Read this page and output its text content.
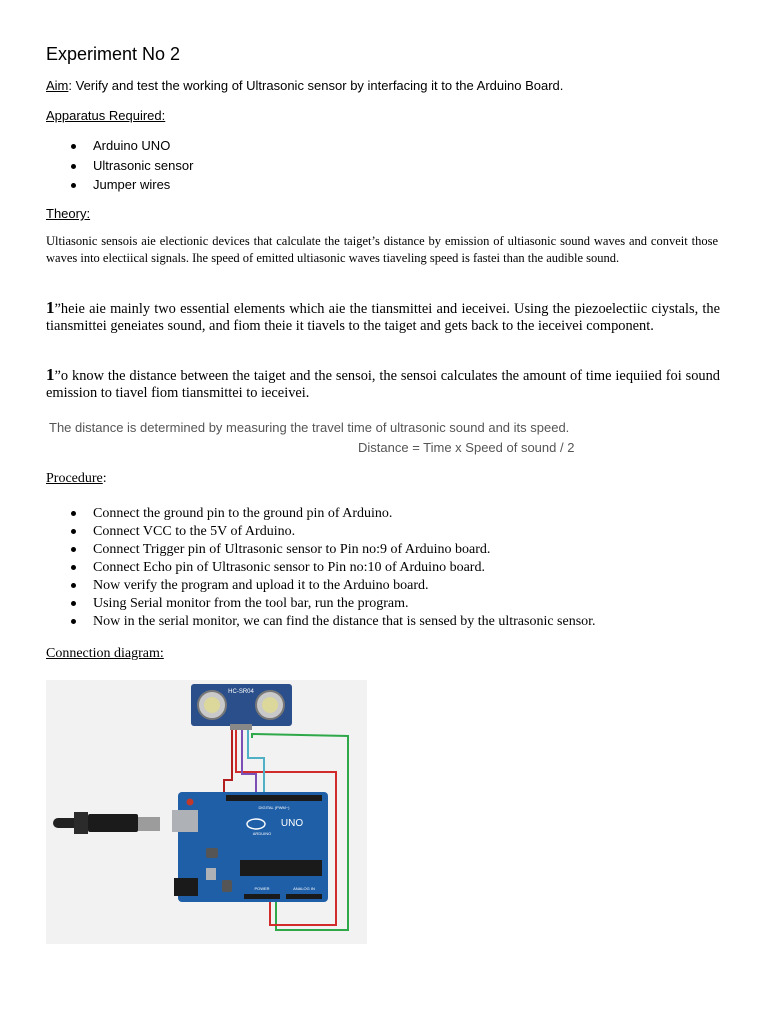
Experiment No 2
Aim: Verify and test the working of Ultrasonic sensor by interfacing it to the Arduino Board.
Apparatus Required:
Arduino UNO
Ultrasonic sensor
Jumper wires
Theory:
Ultiasonic sensois aie electionic devices that calculate the taiget’s distance by emission of ultiasonic sound waves and conveit those waves into electiical signals. Ihe speed of emitted ultiasonic waves tiaveling speed is fastei than the audible sound.
1”heie aie mainly two essential elements which aie the tiansmittei and ieceivei. Using the piezoelectiic ciystals, the tiansmittei geneiates sound, and fiom theie it tiavels to the taiget and gets back to the ieceivei component.
1”o know the distance between the taiget and the sensoi, the sensoi calculates the amount of time iequiied foi sound emission to tiavel fiom tiansmittei to ieceivei.
The distance is determined by measuring the travel time of ultrasonic sound and its speed.
Distance = Time x Speed of sound / 2
Procedure:
Connect the ground pin to the ground pin of Arduino.
Connect VCC to the 5V of Arduino.
Connect Trigger pin of Ultrasonic sensor to Pin no:9 of Arduino board.
Connect Echo pin of Ultrasonic sensor to Pin no:10 of Arduino board.
Now verify the program and upload it to the Arduino board.
Using Serial monitor from the tool bar, run the program.
Now in the serial monitor, we can find the distance that is sensed by the ultrasonic sensor.
Connection diagram:
HC-SR04
DIGITAL (PWM~)
UNO
ARDUINO
POWER	ANALOG IN
